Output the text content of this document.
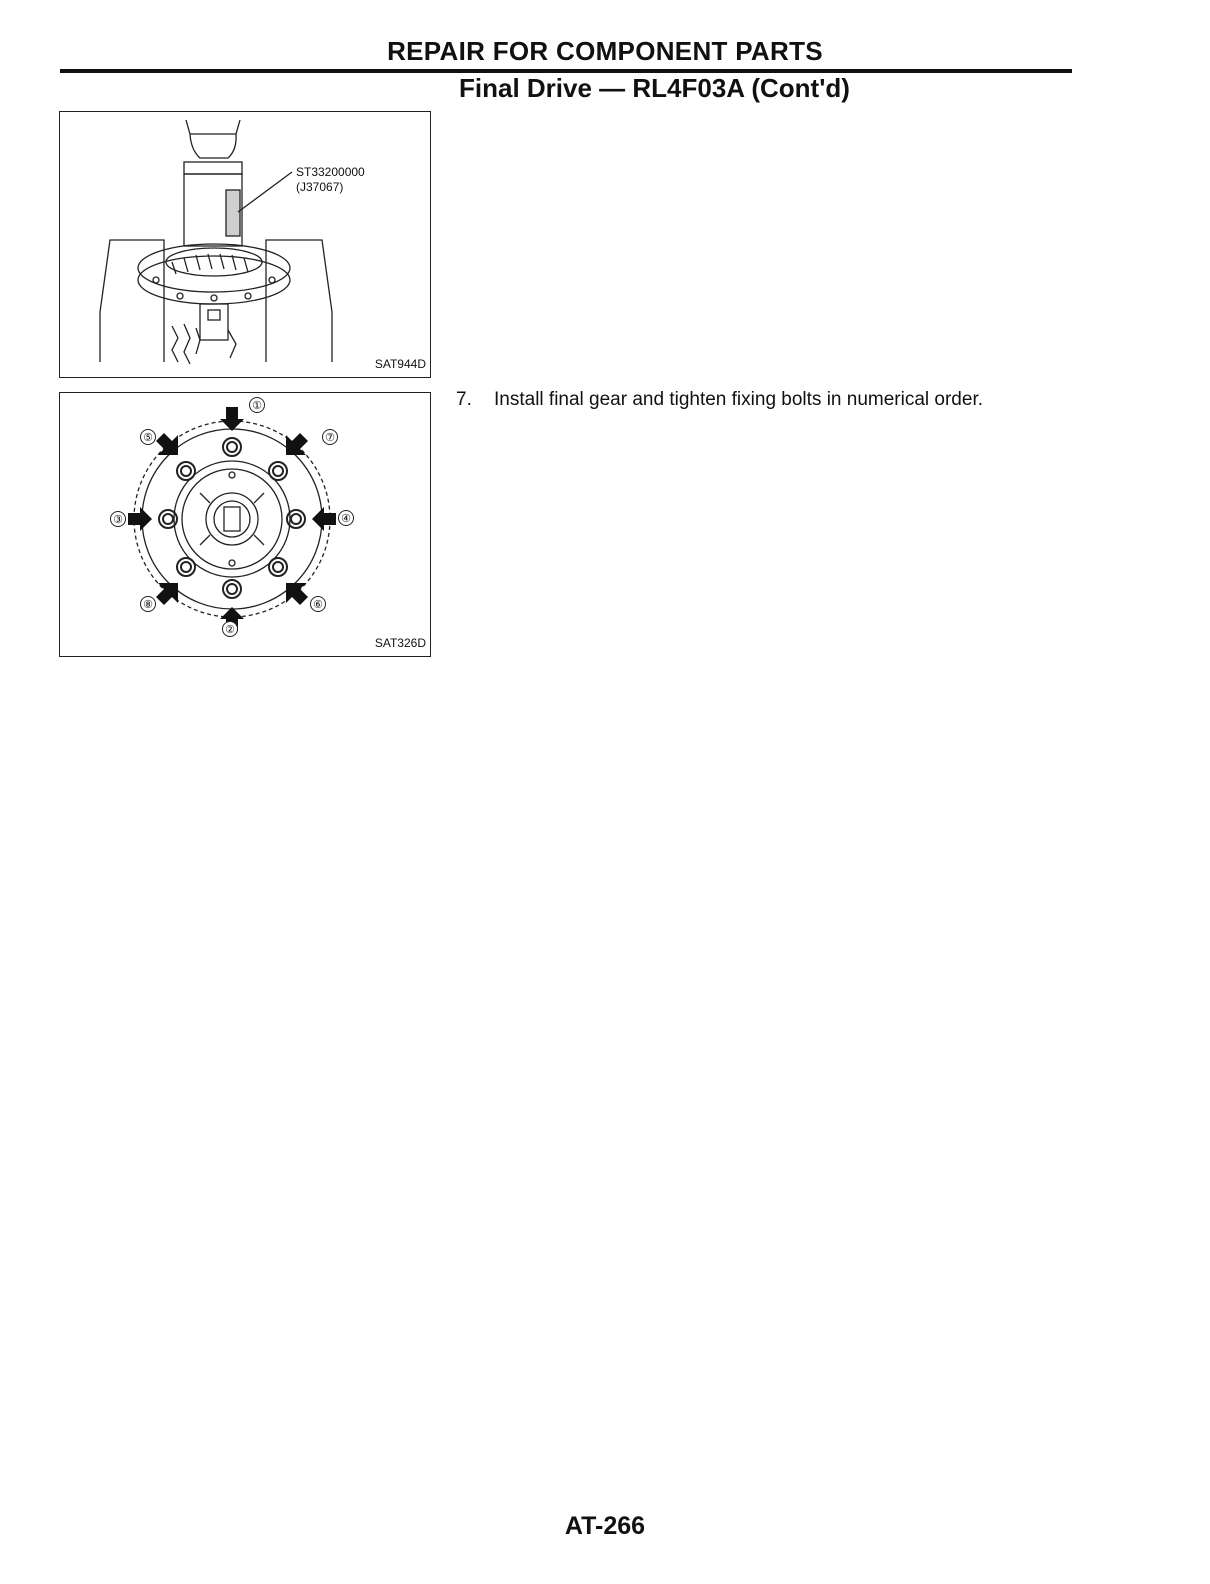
REPAIR FOR COMPONENT PARTS
Final Drive — RL4F03A (Cont'd)
ST33200000
(J37067)
SAT944D
①
②
③	④
⑤
⑥
⑦
⑧
SAT326D
7. Install final gear and tighten fixing bolts in numerical order.
AT-266
